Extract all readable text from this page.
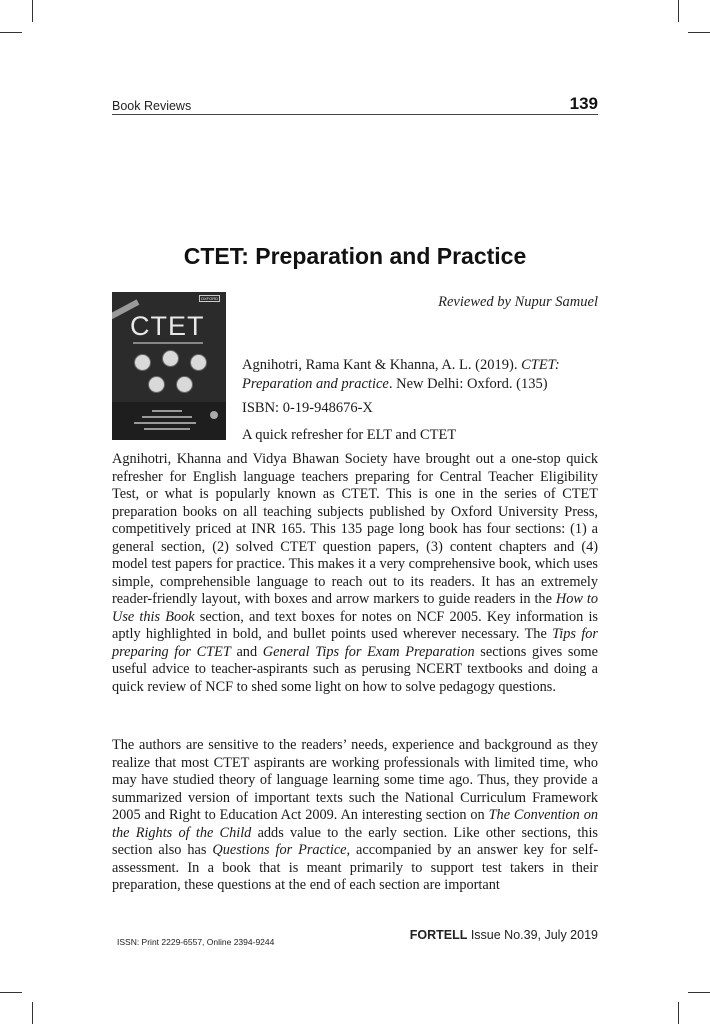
Book Reviews	139
CTET: Preparation and Practice
Reviewed by Nupur Samuel
OXFORD
CTET
Agnihotri, Rama Kant & Khanna, A. L. (2019). CTET: Preparation and practice. New Delhi: Oxford. (135)
ISBN: 0-19-948676-X
A quick refresher for ELT and CTET
Agnihotri, Khanna and Vidya Bhawan Society have brought out a one-stop quick refresher for English language teachers preparing for Central Teacher Eligibility Test, or what is popularly known as CTET. This is one in the series of CTET preparation books on all teaching subjects published by Oxford University Press, competitively priced at INR 165. This 135 page long book has four sections: (1) a general section, (2) solved CTET question papers, (3) content chapters and (4) model test papers for practice. This makes it a very comprehensive book, which uses simple, comprehensible language to reach out to its readers. It has an extremely reader-friendly layout, with boxes and arrow markers to guide readers in the How to Use this Book section, and text boxes for notes on NCF 2005. Key information is aptly highlighted in bold, and bullet points used wherever necessary. The Tips for preparing for CTET and General Tips for Exam Preparation sections gives some useful advice to teacher-aspirants such as perusing NCERT textbooks and doing a quick review of NCF to shed some light on how to solve pedagogy questions.
The authors are sensitive to the readers’ needs, experience and background as they realize that most CTET aspirants are working professionals with limited time, who may have studied theory of language learning some time ago. Thus, they provide a summarized version of important texts such the National Curriculum Framework 2005 and Right to Education Act 2009. An interesting section on The Convention on the Rights of the Child adds value to the early section. Like other sections, this section also has Questions for Practice, accompanied by an answer key for self-assessment. In a book that is meant primarily to support test takers in their preparation, these questions at the end of each section are important
ISSN: Print 2229-6557, Online 2394-9244	FORTELL Issue No.39, July 2019
